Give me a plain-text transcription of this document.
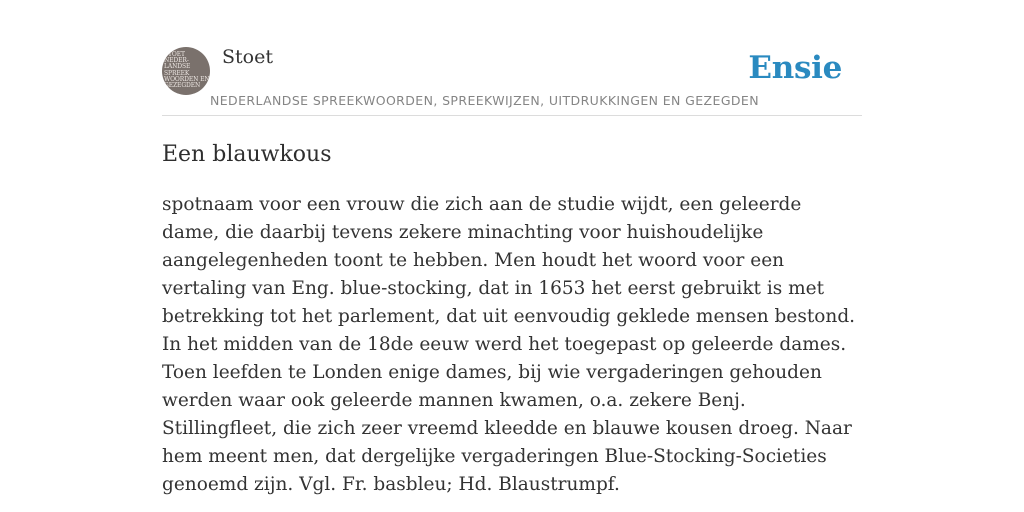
STOET
NEDER-
LANDSE
SPREEK
WOORDEN EN
GEZEGDEN
Stoet	Ensie
NEDERLANDSE SPREEKWOORDEN, SPREEKWIJZEN, UITDRUKKINGEN EN GEZEGDEN
Een blauwkous

spotnaam voor een vrouw die zich aan de studie wijdt, een geleerde dame, die daarbij tevens zekere minachting voor huishoudelijke aangelegenheden toont te hebben. Men houdt het woord voor een vertaling van Eng. blue-stocking, dat in 1653 het eerst gebruikt is met betrekking tot het parlement, dat uit eenvoudig geklede mensen bestond. In het midden van de 18de eeuw werd het toegepast op geleerde dames. Toen leefden te Londen enige dames, bij wie vergaderingen gehouden werden waar ook geleerde mannen kwamen, o.a. zekere Benj. Stillingfleet, die zich zeer vreemd kleedde en blauwe kousen droeg. Naar hem meent men, dat dergelijke vergaderingen Blue-Stocking-Societies genoemd zijn. Vgl. Fr. basbleu; Hd. Blaustrumpf.
